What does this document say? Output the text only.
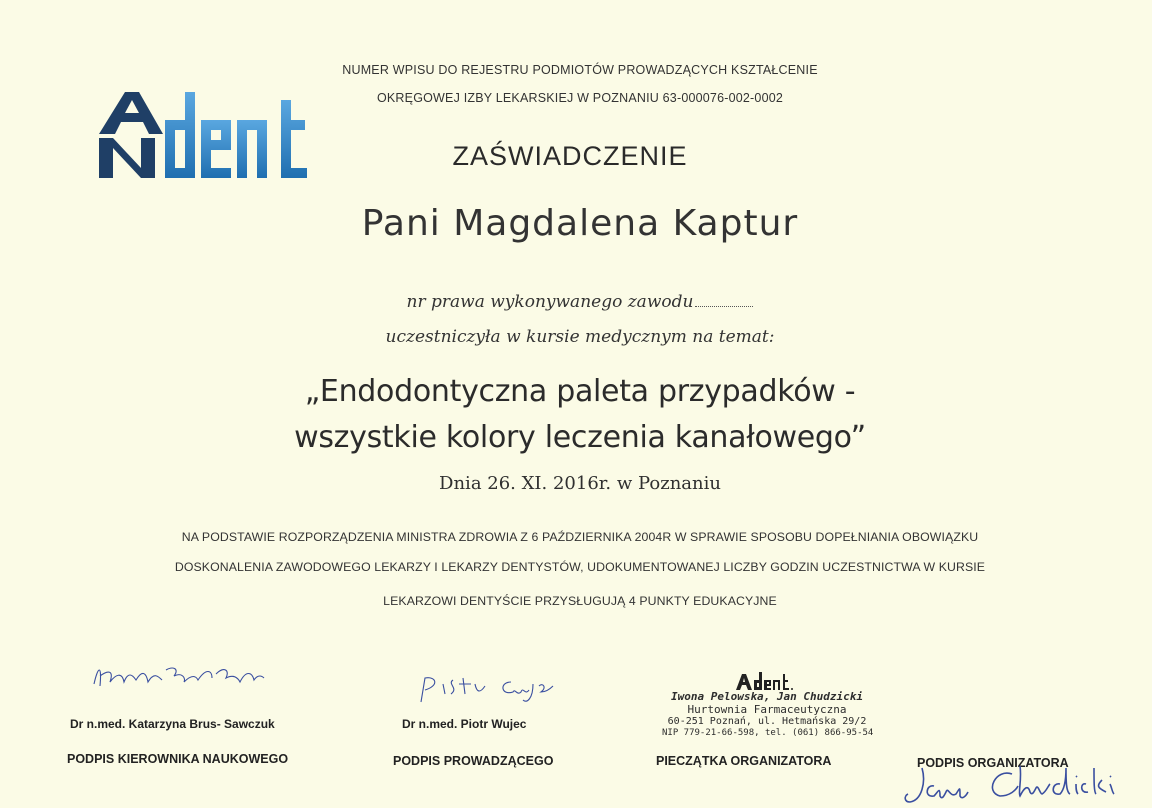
NUMER WPISU DO REJESTRU PODMIOTÓW PROWADZĄCYCH KSZTAŁCENIE
OKRĘGOWEJ IZBY LEKARSKIEJ W POZNANIU 63-000076-002-0002
ZAŚWIADCZENIE
Pani Magdalena Kaptur
nr prawa wykonywanego zawodu
uczestniczyła w kursie medycznym na temat:
„Endodontyczna paleta przypadków -
wszystkie kolory leczenia kanałowego”
Dnia 26. XI. 2016r. w Poznaniu
NA PODSTAWIE ROZPORZĄDZENIA MINISTRA ZDROWIA Z 6 PAŹDZIERNIKA 2004R W SPRAWIE SPOSOBU DOPEŁNIANIA OBOWIĄZKU
DOSKONALENIA ZAWODOWEGO LEKARZY I LEKARZY DENTYSTÓW, UDOKUMENTOWANEJ LICZBY GODZIN UCZESTNICTWA W KURSIE
LEKARZOWI DENTYŚCIE PRZYSŁUGUJĄ 4 PUNKTY EDUKACYJNE
Dr n.med. Katarzyna Brus- Sawczuk
PODPIS KIEROWNIKA NAUKOWEGO
Dr n.med. Piotr Wujec
PODPIS PROWADZĄCEGO
Iwona Pelowska, Jan Chudzicki
Hurtownia Farmaceutyczna
60-251 Poznań, ul. Hetmańska 29/2
NIP 779-21-66-598, tel. (061) 866-95-54
PIECZĄTKA ORGANIZATORA	PODPIS ORGANIZATORA
